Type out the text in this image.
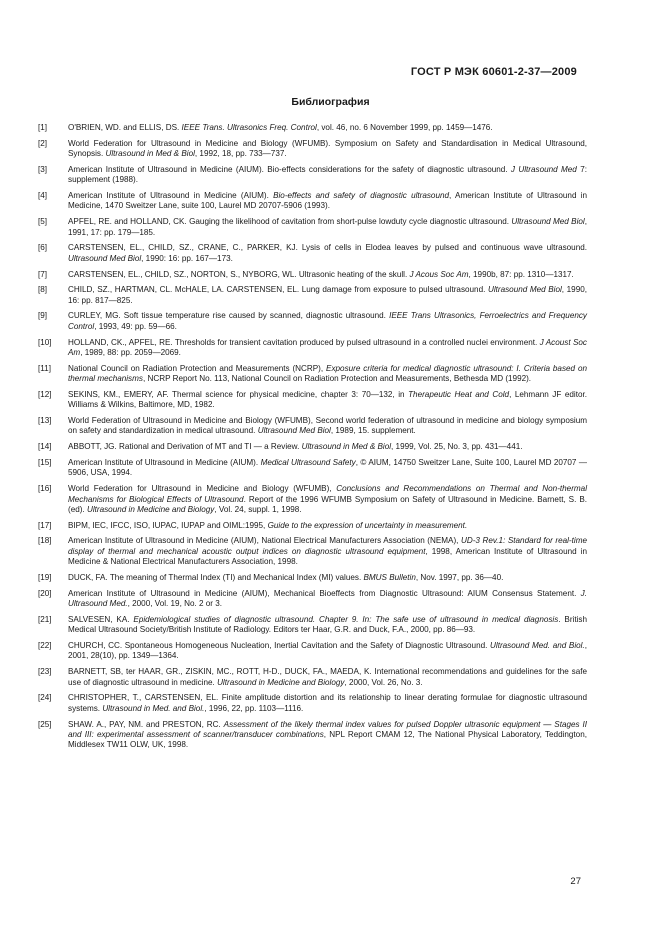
ГОСТ Р МЭК 60601-2-37—2009
Библиография
[1]	O'BRIEN, WD. and ELLIS, DS. IEEE Trans. Ultrasonics Freq. Control, vol. 46, no. 6 November 1999, pp. 1459—1476.
[2]	World Federation for Ultrasound in Medicine and Biology (WFUMB). Symposium on Safety and Standardisation in Medical Ultrasound, Synopsis. Ultrasound in Med & Biol, 1992, 18, pp. 733—737.
[3]	American Institute of Ultrasound in Medicine (AIUM). Bio-effects considerations for the safety of diagnostic ultrasound. J Ultrasound Med 7: supplement (1988).
[4]	American Institute of Ultrasound in Medicine (AIUM). Bio-effects and safety of diagnostic ultrasound, American Institute of Ultrasound in Medicine, 1470 Sweitzer Lane, suite 100, Laurel MD 20707-5906 (1993).
[5]	APFEL, RE. and HOLLAND, CK. Gauging the likelihood of cavitation from short-pulse lowduty cycle diagnostic ultrasound. Ultrasound Med Biol, 1991, 17: pp. 179—185.
[6]	CARSTENSEN, EL., CHILD, SZ., CRANE, C., PARKER, KJ. Lysis of cells in Elodea leaves by pulsed and continuous wave ultrasound. Ultrasound Med Biol, 1990: 16: pp. 167—173.
[7]	CARSTENSEN, EL., CHILD, SZ., NORTON, S., NYBORG, WL. Ultrasonic heating of the skull. J Acous Soc Am, 1990b, 87: pp. 1310—1317.
[8]	CHILD, SZ., HARTMAN, CL. McHALE, LA. CARSTENSEN, EL. Lung damage from exposure to pulsed ultrasound. Ultrasound Med Biol, 1990, 16: pp. 817—825.
[9]	CURLEY, MG. Soft tissue temperature rise caused by scanned, diagnostic ultrasound. IEEE Trans Ultrasonics, Ferroelectrics and Frequency Control, 1993, 49: pp. 59—66.
[10]	HOLLAND, CK., APFEL, RE. Thresholds for transient cavitation produced by pulsed ultrasound in a controlled nuclei environment. J Acoust Soc Am, 1989, 88: pp. 2059—2069.
[11]	National Council on Radiation Protection and Measurements (NCRP), Exposure criteria for medical diagnostic ultrasound: I. Criteria based on thermal mechanisms, NCRP Report No. 113, National Council on Radiation Protection and Measurements, Bethesda MD (1992).
[12]	SEKINS, KM., EMERY, AF. Thermal science for physical medicine, chapter 3: 70—132, in Therapeutic Heat and Cold, Lehmann JF editor. Williams & Wilkins, Baltimore, MD, 1982.
[13]	World Federation of Ultrasound in Medicine and Biology (WFUMB), Second world federation of ultrasound in medicine and biology symposium on safety and standardization in medical ultrasound. Ultrasound Med Biol, 1989, 15. supplement.
[14]	ABBOTT, JG. Rational and Derivation of MT and TI — a Review. Ultrasound in Med & Biol, 1999, Vol. 25, No. 3, pp. 431—441.
[15]	American Institute of Ultrasound in Medicine (AIUM). Medical Ultrasound Safety, © AIUM, 14750 Sweitzer Lane, Suite 100, Laurel MD 20707 — 5906, USA, 1994.
[16]	World Federation for Ultrasound in Medicine and Biology (WFUMB), Conclusions and Recommendations on Thermal and Non-thermal Mechanisms for Biological Effects of Ultrasound. Report of the 1996 WFUMB Symposium on Safety of Ultrasound in Medicine. Barnett, S. B. (ed). Ultrasound in Medicine and Biology, Vol. 24, suppl. 1, 1998.
[17]	BIPM, IEC, IFCC, ISO, IUPAC, IUPAP and OIML:1995, Guide to the expression of uncertainty in measurement.
[18]	American Institute of Ultrasound in Medicine (AIUM), National Electrical Manufacturers Association (NEMA), UD-3 Rev.1: Standard for real-time display of thermal and mechanical acoustic output indices on diagnostic ultrasound equipment, 1998, American Institute of Ultrasound in Medicine & National Electrical Manufacturers Association, 1998.
[19]	DUCK, FA. The meaning of Thermal Index (TI) and Mechanical Index (MI) values. BMUS Bulletin, Nov. 1997, pp. 36—40.
[20]	American Institute of Ultrasound in Medicine (AIUM), Mechanical Bioeffects from Diagnostic Ultrasound: AIUM Consensus Statement. J. Ultrasound Med., 2000, Vol. 19, No. 2 or 3.
[21]	SALVESEN, KA. Epidemiological studies of diagnostic ultrasound. Chapter 9. In: The safe use of ultrasound in medical diagnosis. British Medical Ultrasound Society/British Institute of Radiology. Editors ter Haar, G.R. and Duck, F.A., 2000, pp. 86—93.
[22]	CHURCH, CC. Spontaneous Homogeneous Nucleation, Inertial Cavitation and the Safety of Diagnostic Ultrasound. Ultrasound Med. and Biol., 2001, 28(10), pp. 1349—1364.
[23]	BARNETT, SB, ter HAAR, GR., ZISKIN, MC., ROTT, H-D., DUCK, FA., MAEDA, K. International recommendations and guidelines for the safe use of diagnostic ultrasound in medicine. Ultrasound in Medicine and Biology, 2000, Vol. 26, No. 3.
[24]	CHRISTOPHER, T., CARSTENSEN, EL. Finite amplitude distortion and its relationship to linear derating formulae for diagnostic ultrasound systems. Ultrasound in Med. and Biol., 1996, 22, pp. 1103—1116.
[25]	SHAW. A., PAY, NM. and PRESTON, RC. Assessment of the likely thermal index values for pulsed Doppler ultrasonic equipment — Stages II and III: experimental assessment of scanner/transducer combinations, NPL Report CMAM 12, The National Physical Laboratory, Teddington, Middlesex TW11 OLW, UK, 1998.
27
